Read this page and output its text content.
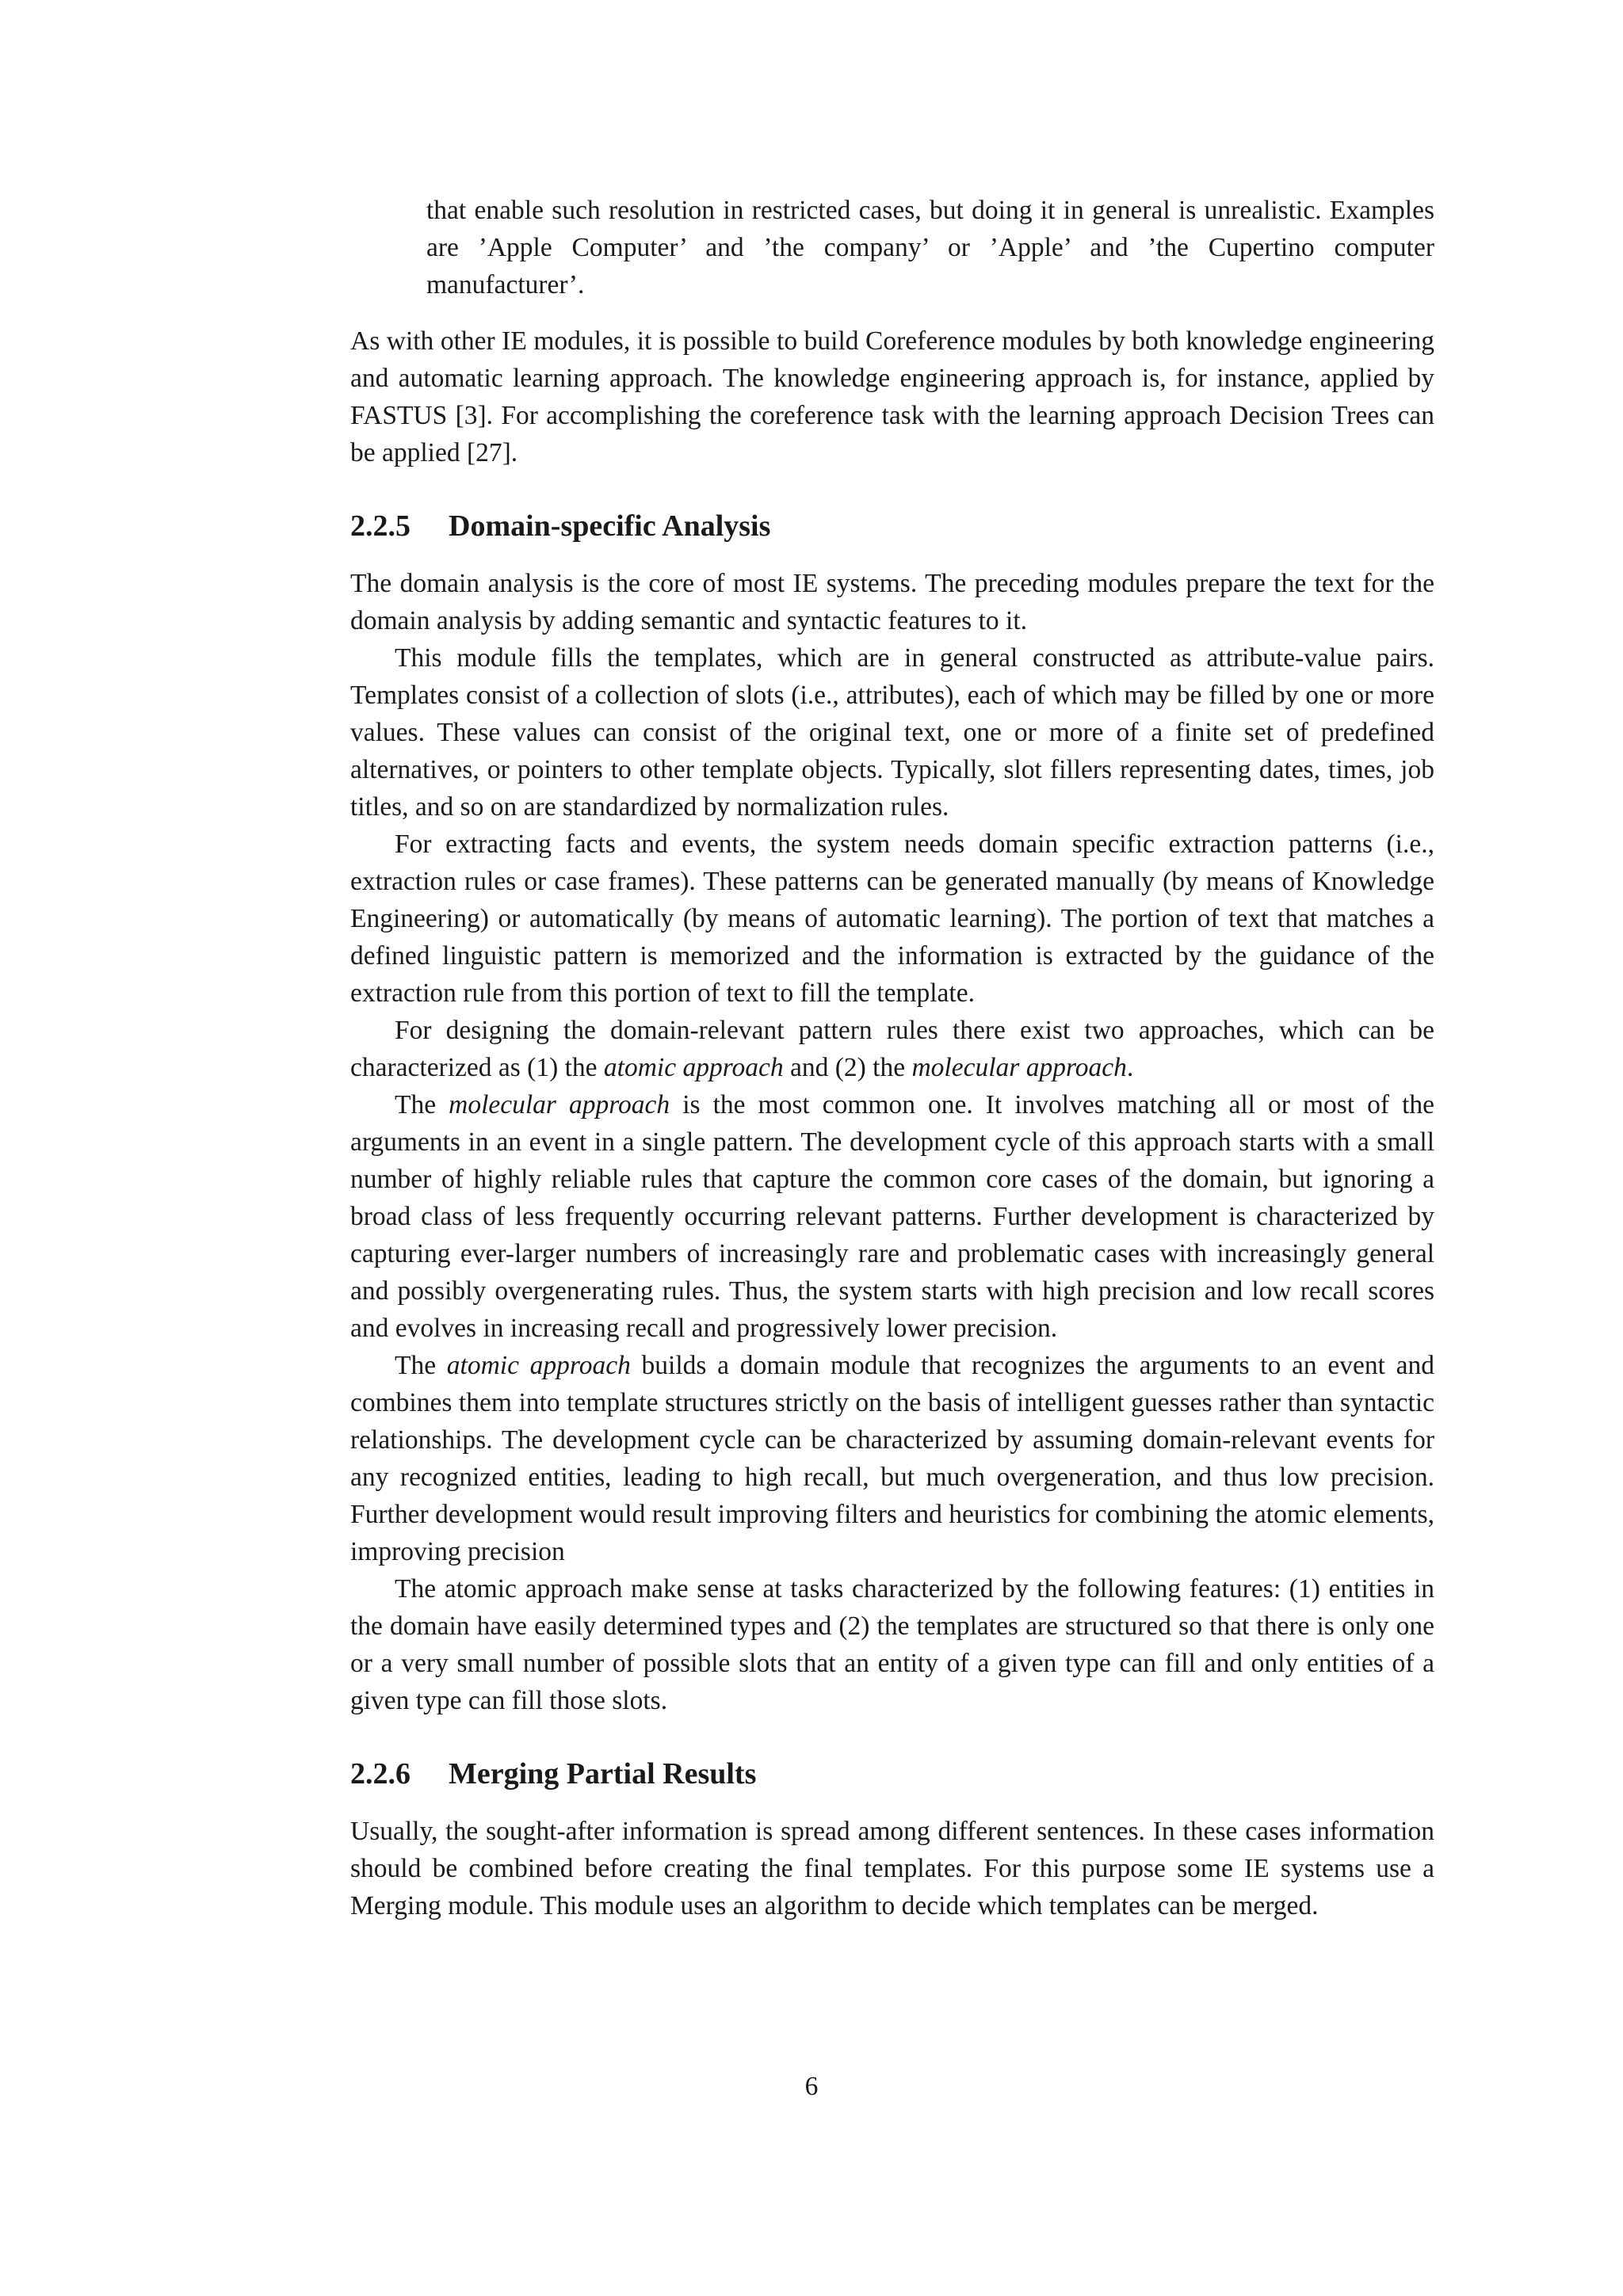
that enable such resolution in restricted cases, but doing it in general is unrealistic. Examples are ’Apple Computer’ and ’the company’ or ’Apple’ and ’the Cupertino computer manufacturer’.

As with other IE modules, it is possible to build Coreference modules by both knowledge engineering and automatic learning approach. The knowledge engineering approach is, for instance, applied by FASTUS [3]. For accomplishing the coreference task with the learning approach Decision Trees can be applied [27].

2.2.5 Domain-specific Analysis

The domain analysis is the core of most IE systems. The preceding modules prepare the text for the domain analysis by adding semantic and syntactic features to it.

This module fills the templates, which are in general constructed as attribute-value pairs. Templates consist of a collection of slots (i.e., attributes), each of which may be filled by one or more values. These values can consist of the original text, one or more of a finite set of predefined alternatives, or pointers to other template objects. Typically, slot fillers representing dates, times, job titles, and so on are standardized by normalization rules.

For extracting facts and events, the system needs domain specific extraction patterns (i.e., extraction rules or case frames). These patterns can be generated manually (by means of Knowledge Engineering) or automatically (by means of automatic learning). The portion of text that matches a defined linguistic pattern is memorized and the information is extracted by the guidance of the extraction rule from this portion of text to fill the template.

For designing the domain-relevant pattern rules there exist two approaches, which can be characterized as (1) the atomic approach and (2) the molecular approach.

The molecular approach is the most common one. It involves matching all or most of the arguments in an event in a single pattern. The development cycle of this approach starts with a small number of highly reliable rules that capture the common core cases of the domain, but ignoring a broad class of less frequently occurring relevant patterns. Further development is characterized by capturing ever-larger numbers of increasingly rare and problematic cases with increasingly general and possibly overgenerating rules. Thus, the system starts with high precision and low recall scores and evolves in increasing recall and progressively lower precision.

The atomic approach builds a domain module that recognizes the arguments to an event and combines them into template structures strictly on the basis of intelligent guesses rather than syntactic relationships. The development cycle can be characterized by assuming domain-relevant events for any recognized entities, leading to high recall, but much overgeneration, and thus low precision. Further development would result improving filters and heuristics for combining the atomic elements, improving precision

The atomic approach make sense at tasks characterized by the following features: (1) entities in the domain have easily determined types and (2) the templates are structured so that there is only one or a very small number of possible slots that an entity of a given type can fill and only entities of a given type can fill those slots.

2.2.6 Merging Partial Results

Usually, the sought-after information is spread among different sentences. In these cases information should be combined before creating the final templates. For this purpose some IE systems use a Merging module. This module uses an algorithm to decide which templates can be merged.

6
